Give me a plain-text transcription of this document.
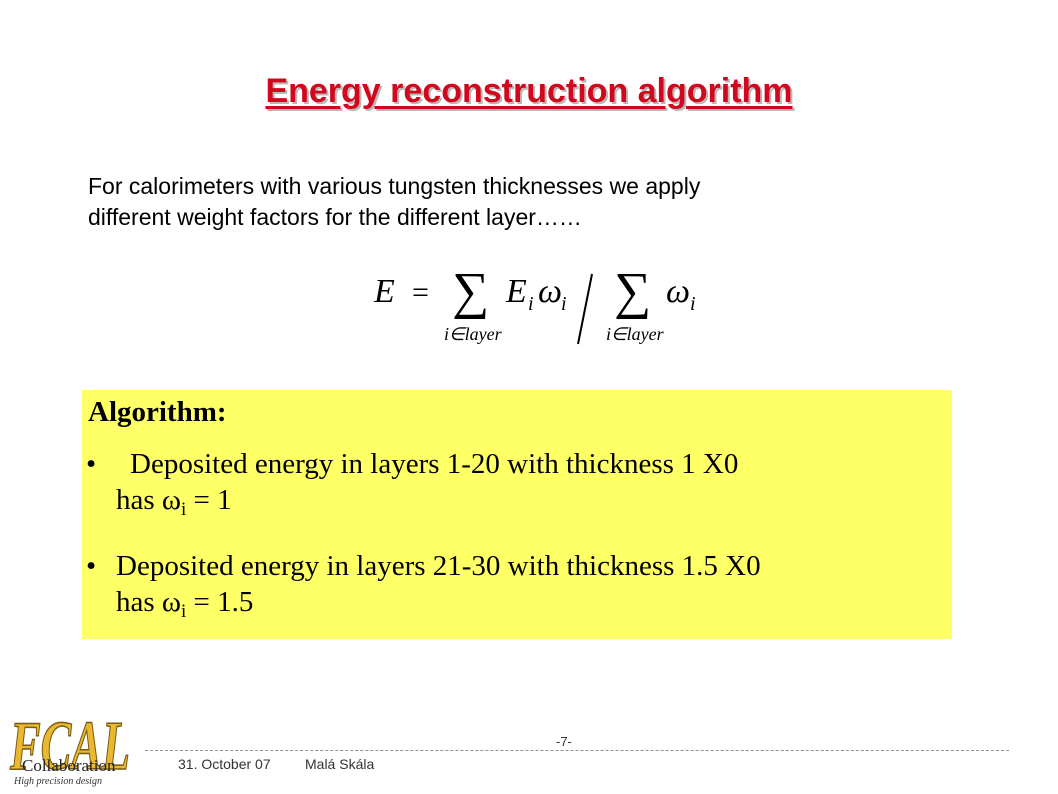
Energy reconstruction algorithm
For calorimeters with various tungsten thicknesses we apply
different weight factors for the different layer……
E = ∑ E i ω
i
i∈layer
∑ ω i
i∈layer
Algorithm:
• Deposited energy in layers 1-20 with thickness 1 X0
has $\omega_i = 1$
• Deposited energy in layers 21-30 with thickness 1.5 X0
has $\omega_i = 1.5$
FCAL
Collaboration
High precision design
-7-
31. October 07 Malá Skála
